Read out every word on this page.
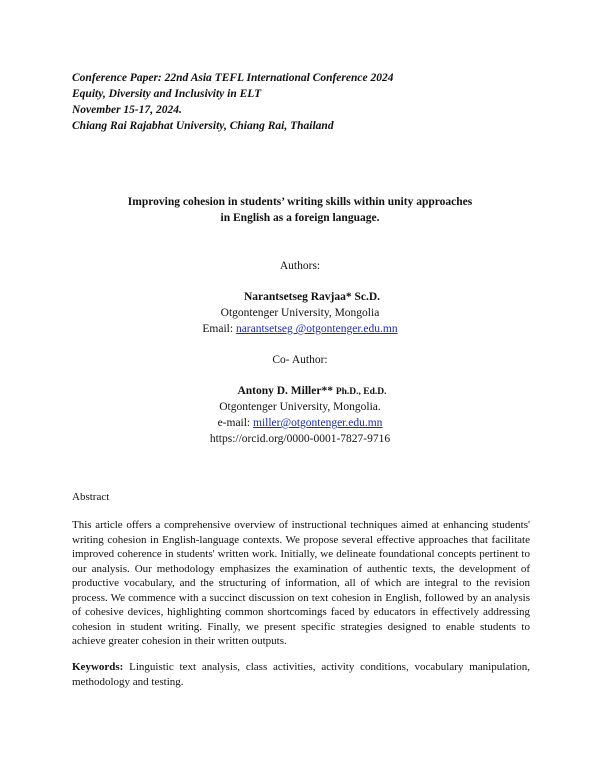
Conference Paper: 22nd Asia TEFL International Conference 2024
Equity, Diversity and Inclusivity in ELT
November 15-17, 2024.
Chiang Rai Rajabhat University, Chiang Rai, Thailand
Improving cohesion in students’ writing skills within unity approaches
in English as a foreign language.
Authors:
Narantsetseg Ravjaa* Sc.D.
Otgontenger University, Mongolia
Email: narantsetseg @otgontenger.edu.mn
Co- Author:
Antony D. Miller** Ph.D., Ed.D.
Otgontenger University, Mongolia.
e-mail: miller@otgontenger.edu.mn
https://orcid.org/0000-0001-7827-9716
Abstract
This article offers a comprehensive overview of instructional techniques aimed at enhancing students' writing cohesion in English-language contexts. We propose several effective approaches that facilitate improved coherence in students' written work. Initially, we delineate foundational concepts pertinent to our analysis. Our methodology emphasizes the examination of authentic texts, the development of productive vocabulary, and the structuring of information, all of which are integral to the revision process. We commence with a succinct discussion on text cohesion in English, followed by an analysis of cohesive devices, highlighting common shortcomings faced by educators in effectively addressing cohesion in student writing. Finally, we present specific strategies designed to enable students to achieve greater cohesion in their written outputs.
Keywords: Linguistic text analysis, class activities, activity conditions, vocabulary manipulation, methodology and testing.
